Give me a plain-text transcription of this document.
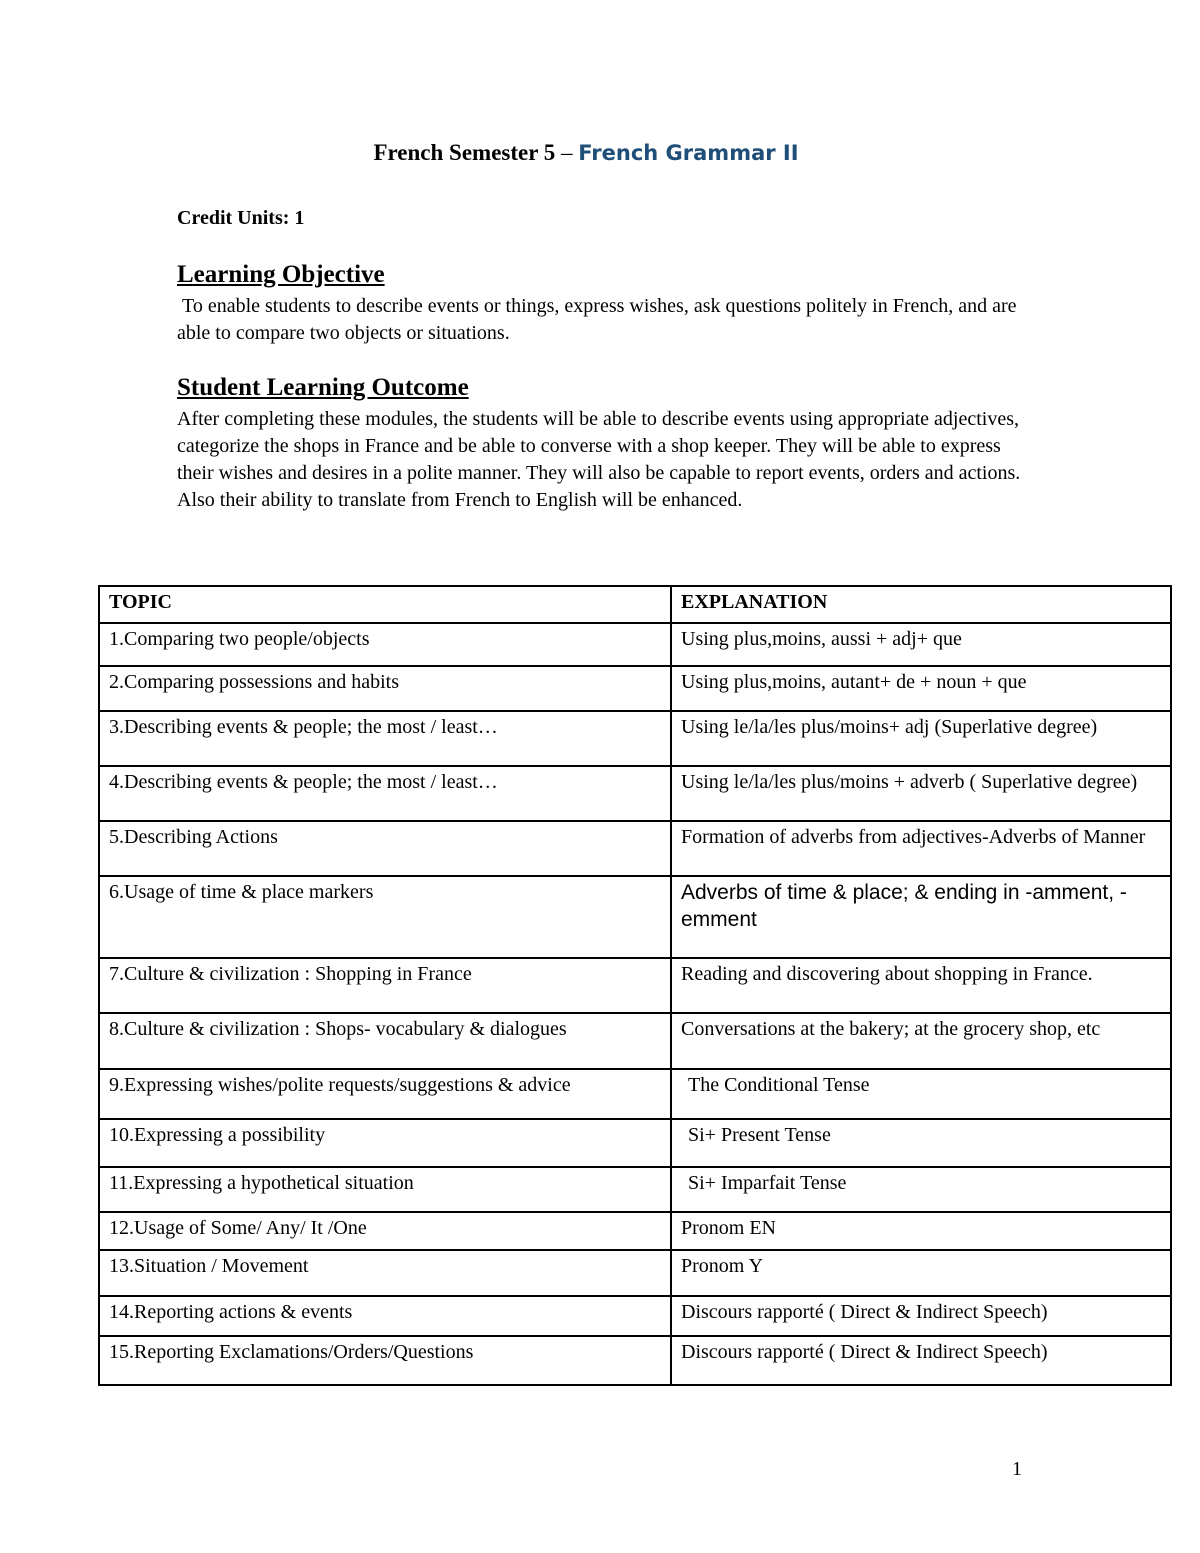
French Semester 5 – French Grammar II
Credit Units: 1
Learning Objective
To enable students to describe events or things, express wishes, ask questions politely in French, and are able to compare two objects or situations.
Student Learning Outcome
After completing these modules, the students will be able to describe events using appropriate adjectives, categorize the shops in France and be able to converse with a shop keeper. They will be able to express their wishes and desires in a polite manner. They will also be capable to report events, orders and actions. Also their ability to translate from French to English will be enhanced.
TOPIC	EXPLANATION
1.Comparing two people/objects	Using plus,moins, aussi + adj+ que
2.Comparing possessions and habits	Using plus,moins, autant+ de + noun + que
3.Describing events & people; the most / least…	Using le/la/les plus/moins+ adj (Superlative degree)
4.Describing events & people; the most / least…	Using le/la/les plus/moins + adverb ( Superlative degree)
5.Describing Actions	Formation of adverbs from adjectives-Adverbs of Manner
6.Usage of time & place markers	Adverbs of time & place; & ending in -amment, -emment
7.Culture & civilization : Shopping in France	Reading and discovering about shopping in France.
8.Culture & civilization : Shops- vocabulary & dialogues	Conversations at the bakery; at the grocery shop, etc
9.Expressing wishes/polite requests/suggestions & advice	The Conditional Tense
10.Expressing a possibility	Si+ Present Tense
11.Expressing a hypothetical situation	Si+ Imparfait Tense
12.Usage of Some/ Any/ It /One	Pronom EN
13.Situation / Movement	Pronom Y
14.Reporting actions & events	Discours rapporté ( Direct & Indirect Speech)
15.Reporting Exclamations/Orders/Questions	Discours rapporté ( Direct & Indirect Speech)
1
